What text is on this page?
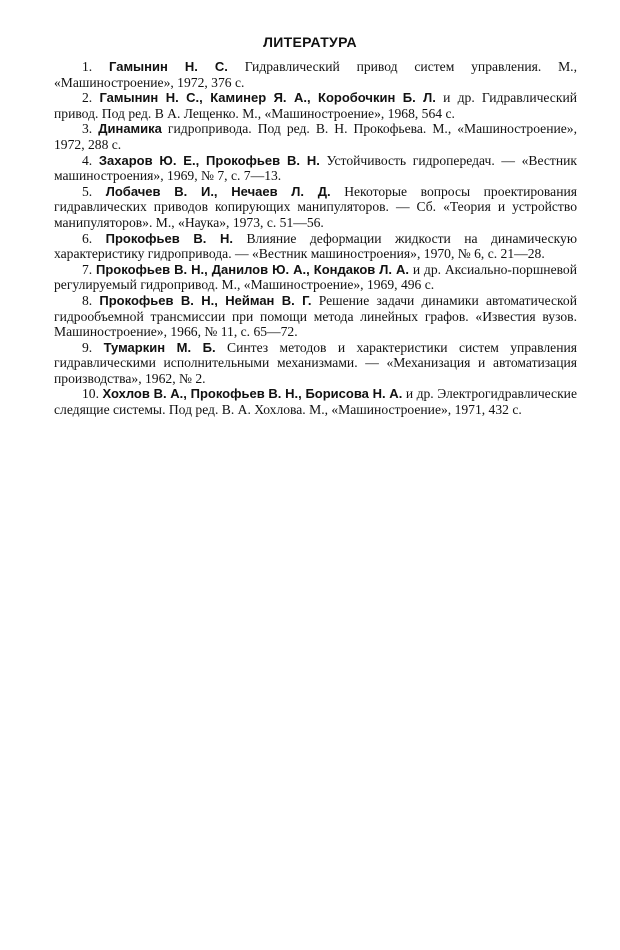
ЛИТЕРАТУРА
1. Гамынин Н. С. Гидравлический привод систем управления. М., «Машиностроение», 1972, 376 с.
2. Гамынин Н. С., Каминер Я. А., Коробочкин Б. Л. и др. Гидравлический привод. Под ред. В А. Лещенко. М., «Машиностроение», 1968, 564 с.
3. Динамика гидропривода. Под ред. В. Н. Прокофьева. М., «Машиностроение», 1972, 288 с.
4. Захаров Ю. Е., Прокофьев В. Н. Устойчивость гидропередач. — «Вестник машиностроения», 1969, № 7, с. 7—13.
5. Лобачев В. И., Нечаев Л. Д. Некоторые вопросы проектирования гидравлических приводов копирующих манипуляторов. — Сб. «Теория и устройство манипуляторов». М., «Наука», 1973, с. 51—56.
6. Прокофьев В. Н. Влияние деформации жидкости на динамическую характеристику гидропривода. — «Вестник машиностроения», 1970, № 6, с. 21—28.
7. Прокофьев В. Н., Данилов Ю. А., Кондаков Л. А. и др. Аксиально-поршневой регулируемый гидропривод. М., «Машиностроение», 1969, 496 с.
8. Прокофьев В. Н., Нейман В. Г. Решение задачи динамики автоматической гидрообъемной трансмиссии при помощи метода линейных графов. «Известия вузов. Машиностроение», 1966, № 11, с. 65—72.
9. Тумаркин М. Б. Синтез методов и характеристики систем управления гидравлическими исполнительными механизмами. — «Механизация и автоматизация производства», 1962, № 2.
10. Хохлов В. А., Прокофьев В. Н., Борисова Н. А. и др. Электрогидравлические следящие системы. Под ред. В. А. Хохлова. М., «Машиностроение», 1971, 432 с.
